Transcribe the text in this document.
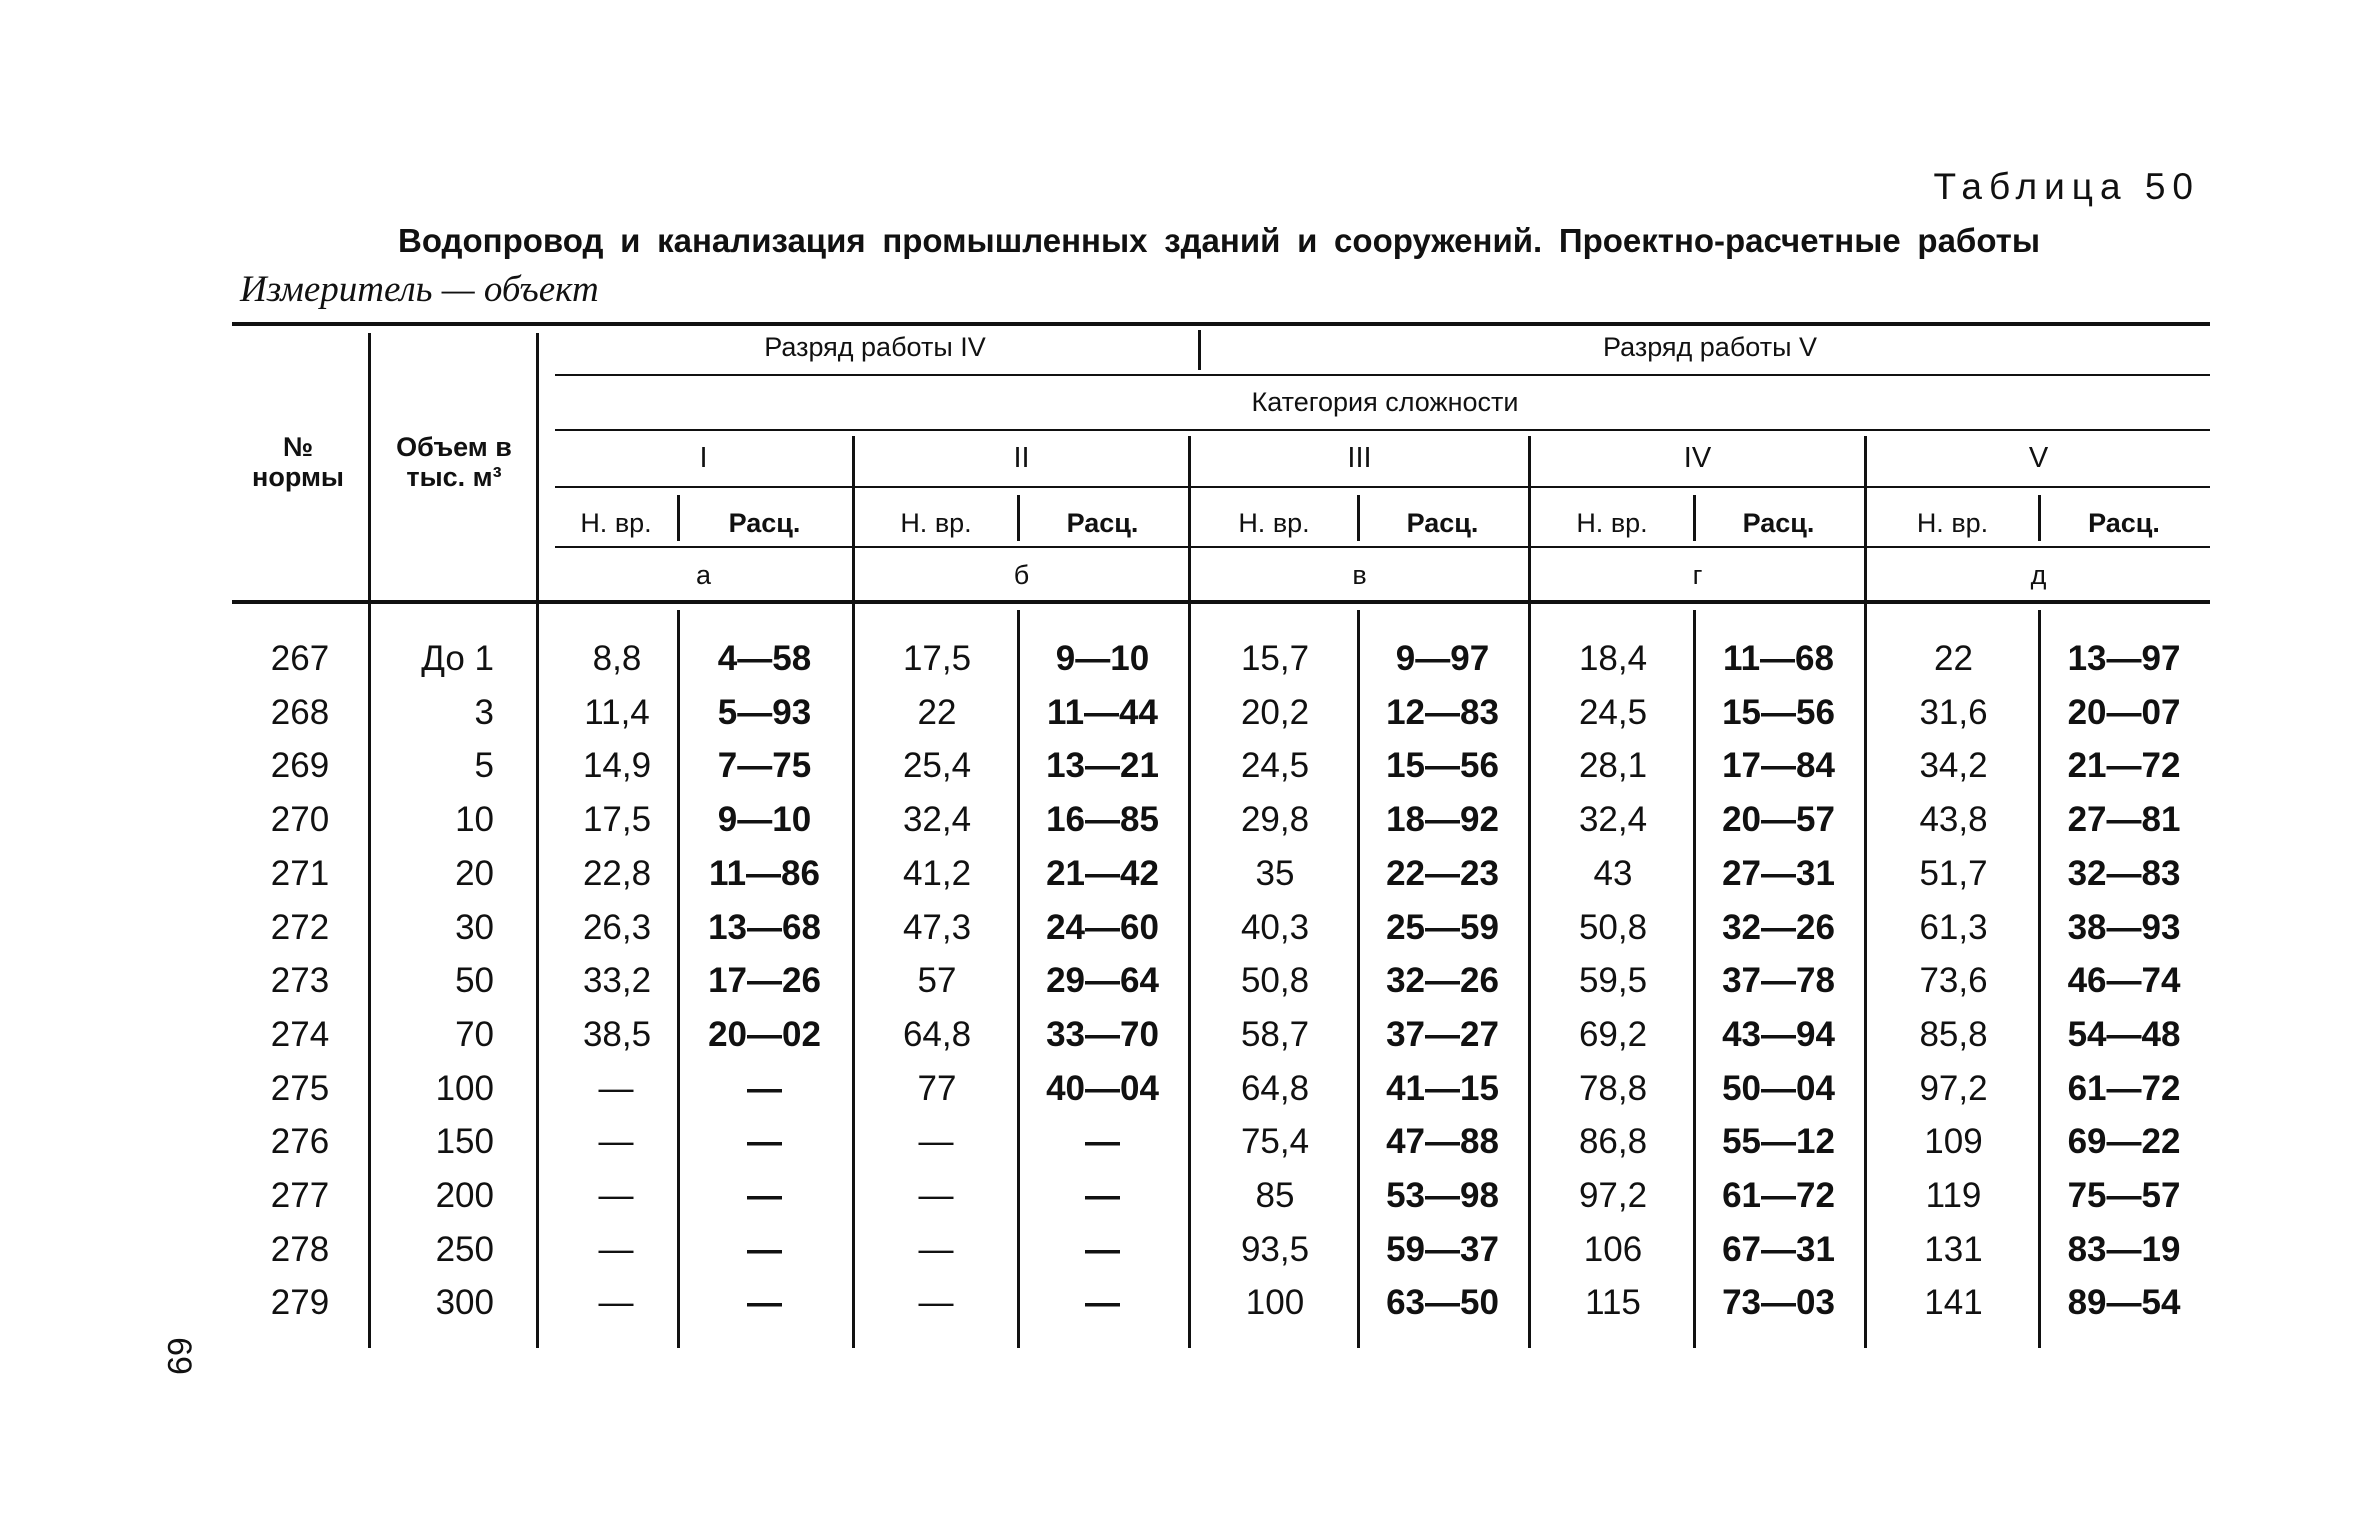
Таблица 50
Водопровод и канализация промышленных зданий и сооружений. Проектно-расчетные работы
Измеритель — объект
69
№ нормы
Объем в тыс. м³
Разряд работы IV	Разряд работы V
Категория сложности
I	II	III	IV	V
Н. вр.	Расц.	Н. вр.	Расц.	Н. вр.	Расц.	Н. вр.	Расц.	Н. вр.	Расц.
а	б	в	г	д
267	До 1	8,8	4—58	17,5	9—10	15,7	9—97	18,4	11—68	22	13—97
268	3	11,4	5—93	22	11—44	20,2	12—83	24,5	15—56	31,6	20—07
269	5	14,9	7—75	25,4	13—21	24,5	15—56	28,1	17—84	34,2	21—72
270	10	17,5	9—10	32,4	16—85	29,8	18—92	32,4	20—57	43,8	27—81
271	20	22,8	11—86	41,2	21—42	35	22—23	43	27—31	51,7	32—83
272	30	26,3	13—68	47,3	24—60	40,3	25—59	50,8	32—26	61,3	38—93
273	50	33,2	17—26	57	29—64	50,8	32—26	59,5	37—78	73,6	46—74
274	70	38,5	20—02	64,8	33—70	58,7	37—27	69,2	43—94	85,8	54—48
275	100	—	—	77	40—04	64,8	41—15	78,8	50—04	97,2	61—72
276	150	—	—	—	—	75,4	47—88	86,8	55—12	109	69—22
277	200	—	—	—	—	85	53—98	97,2	61—72	119	75—57
278	250	—	—	—	—	93,5	59—37	106	67—31	131	83—19
279	300	—	—	—	—	100	63—50	115	73—03	141	89—54
